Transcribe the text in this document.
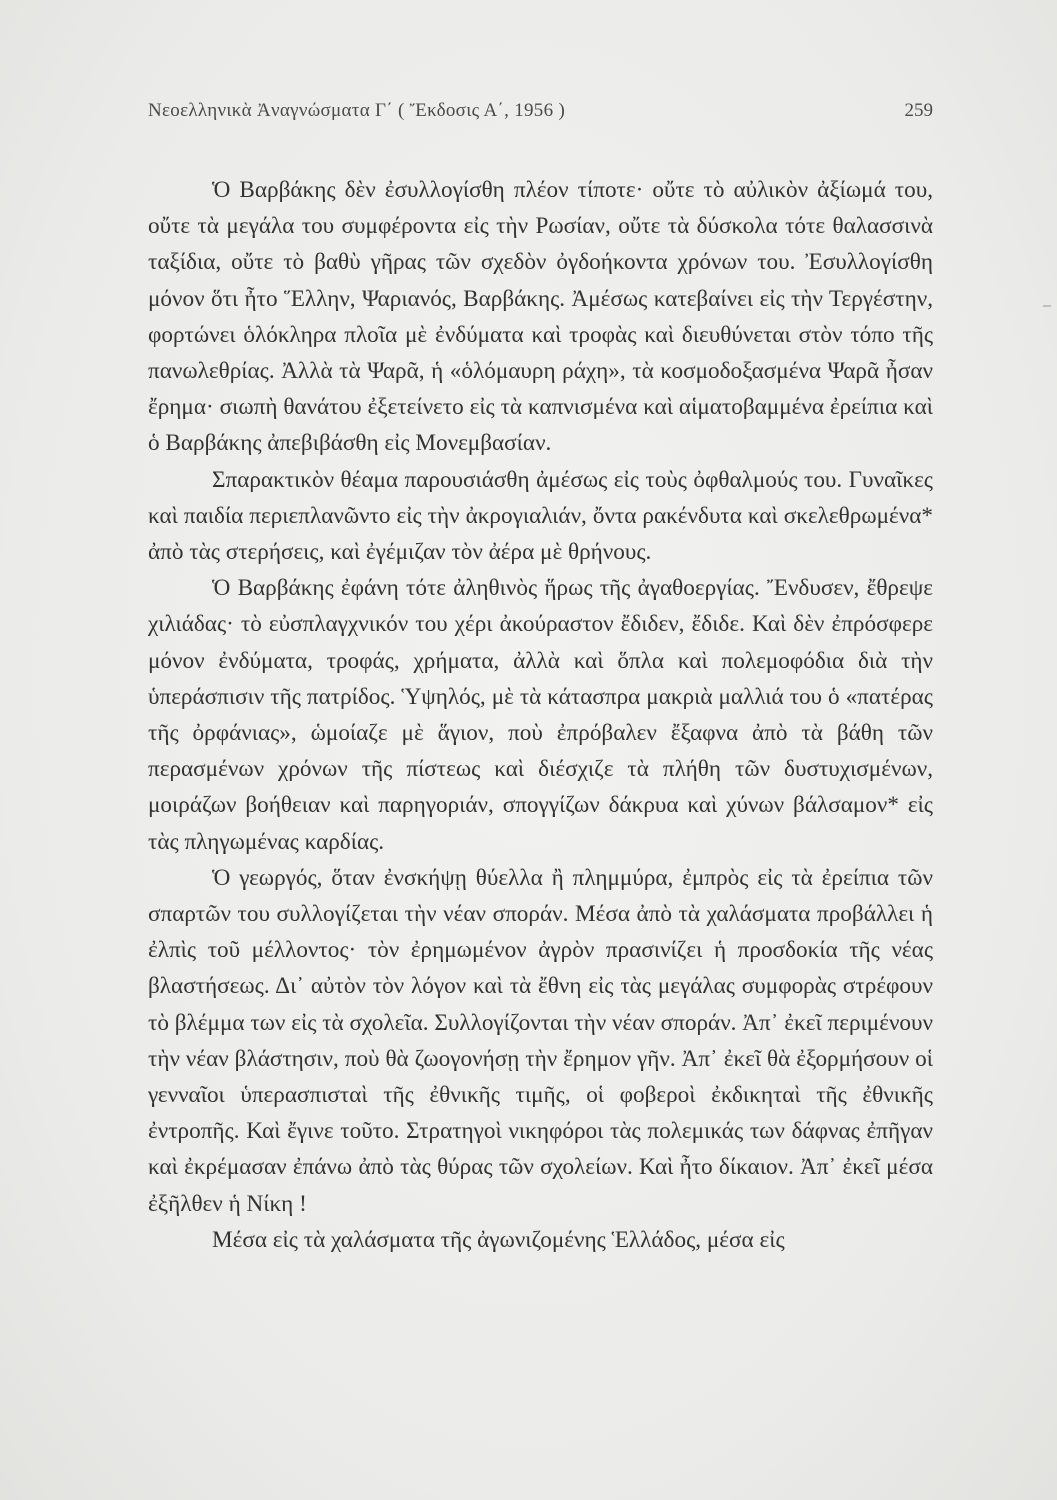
Νεοελληνικὰ Ἀναγνώσματα Γ΄ ( Ἔκδοσις Α΄, 1956 )	259

Ὁ Βαρβάκης δὲν ἐσυλλογίσθη πλέον τίποτε· οὔτε τὸ αὐλικὸν ἀξίωμά του, οὔτε τὰ μεγάλα του συμφέροντα εἰς τὴν Ρωσίαν, οὔτε τὰ δύσκολα τότε θαλασσινὰ ταξίδια, οὔτε τὸ βαθὺ γῆρας τῶν σχεδὸν ὀγδοήκοντα χρόνων του. Ἐσυλλογίσθη μόνον ὅτι ἦτο Ἕλλην, Ψαριανός, Βαρβάκης. Ἀμέσως κατεβαίνει εἰς τὴν Τεργέστην, φορτώνει ὁλόκληρα πλοῖα μὲ ἐνδύματα καὶ τροφὰς καὶ διευθύνεται στὸν τόπο τῆς πανωλεθρίας. Ἀλλὰ τὰ Ψαρᾶ, ἡ «ὁλόμαυρη ράχη», τὰ κοσμοδοξασμένα Ψαρᾶ ἦσαν ἔρημα· σιωπὴ θανάτου ἐξετείνετο εἰς τὰ καπνισμένα καὶ αἱματοβαμμένα ἐρείπια καὶ ὁ Βαρβάκης ἀπεβιβάσθη εἰς Μονεμβασίαν.

Σπαρακτικὸν θέαμα παρουσιάσθη ἀμέσως εἰς τοὺς ὀφθαλμούς του. Γυναῖκες καὶ παιδία περιεπλανῶντο εἰς τὴν ἀκρογιαλιάν, ὄντα ρακένδυτα καὶ σκελεθρωμένα* ἀπὸ τὰς στερήσεις, καὶ ἐγέμιζαν τὸν ἀέρα μὲ θρήνους.

Ὁ Βαρβάκης ἐφάνη τότε ἀληθινὸς ἥρως τῆς ἀγαθοεργίας. Ἔνδυσεν, ἔθρεψε χιλιάδας· τὸ εὐσπλαγχνικόν του χέρι ἀκούραστον ἔδιδεν, ἔδιδε. Καὶ δὲν ἐπρόσφερε μόνον ἐνδύματα, τροφάς, χρήματα, ἀλλὰ καὶ ὅπλα καὶ πολεμοφόδια διὰ τὴν ὑπεράσπισιν τῆς πατρίδος. Ὑψηλός, μὲ τὰ κάτασπρα μακριὰ μαλλιά του ὁ «πατέρας τῆς ὀρφάνιας», ὡμοίαζε μὲ ἅγιον, ποὺ ἐπρόβαλεν ἔξαφνα ἀπὸ τὰ βάθη τῶν περασμένων χρόνων τῆς πίστεως καὶ διέσχιζε τὰ πλήθη τῶν δυστυχισμένων, μοιράζων βοήθειαν καὶ παρηγοριάν, σπογγίζων δάκρυα καὶ χύνων βάλσαμον* εἰς τὰς πληγωμένας καρδίας.

Ὁ γεωργός, ὅταν ἐνσκήψῃ θύελλα ἢ πλημμύρα, ἐμπρὸς εἰς τὰ ἐρείπια τῶν σπαρτῶν του συλλογίζεται τὴν νέαν σποράν. Μέσα ἀπὸ τὰ χαλάσματα προβάλλει ἡ ἐλπὶς τοῦ μέλλοντος· τὸν ἐρημωμένον ἀγρὸν πρασινίζει ἡ προσδοκία τῆς νέας βλαστήσεως. Δι᾽ αὐτὸν τὸν λόγον καὶ τὰ ἔθνη εἰς τὰς μεγάλας συμφορὰς στρέφουν τὸ βλέμμα των εἰς τὰ σχολεῖα. Συλλογίζονται τὴν νέαν σποράν. Ἀπ᾽ ἐκεῖ περιμένουν τὴν νέαν βλάστησιν, ποὺ θὰ ζωογονήσῃ τὴν ἔρημον γῆν. Ἀπ᾽ ἐκεῖ θὰ ἐξορμήσουν οἱ γενναῖοι ὑπερασπισταὶ τῆς ἐθνικῆς τιμῆς, οἱ φοβεροὶ ἐκδικηταὶ τῆς ἐθνικῆς ἐντροπῆς. Καὶ ἔγινε τοῦτο. Στρατηγοὶ νικηφόροι τὰς πολεμικάς των δάφνας ἐπῆγαν καὶ ἐκρέμασαν ἐπάνω ἀπὸ τὰς θύρας τῶν σχολείων. Καὶ ἦτο δίκαιον. Ἀπ᾽ ἐκεῖ μέσα ἐξῆλθεν ἡ Νίκη !

Μέσα εἰς τὰ χαλάσματα τῆς ἀγωνιζομένης Ἑλλάδος, μέσα εἰς
